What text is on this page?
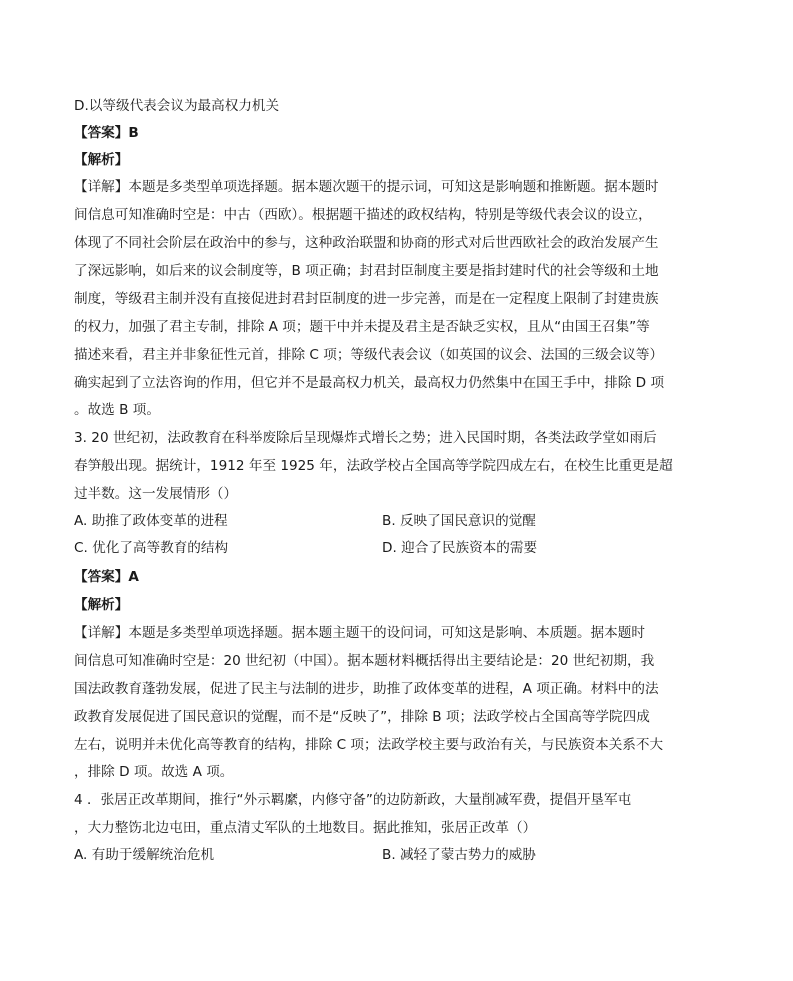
D.以等级代表会议为最高权力机关
【答案】B
【解析】
【详解】本题是多类型单项选择题。据本题次题干的提示词，可知这是影响题和推断题。据本题时
间信息可知准确时空是：中古（西欧）。根据题干描述的政权结构，特别是等级代表会议的设立，
体现了不同社会阶层在政治中的参与，这种政治联盟和协商的形式对后世西欧社会的政治发展产生
了深远影响，如后来的议会制度等，B 项正确；封君封臣制度主要是指封建时代的社会等级和土地
制度，等级君主制并没有直接促进封君封臣制度的进一步完善，而是在一定程度上限制了封建贵族
的权力，加强了君主专制，排除 A 项；题干中并未提及君主是否缺乏实权，且从“由国王召集”等
描述来看，君主并非象征性元首，排除 C 项；等级代表会议（如英国的议会、法国的三级会议等）
确实起到了立法咨询的作用，但它并不是最高权力机关，最高权力仍然集中在国王手中，排除 D 项
。故选 B 项。
3. 20 世纪初，法政教育在科举废除后呈现爆炸式增长之势；进入民国时期，各类法政学堂如雨后
春笋般出现。据统计，1912 年至 1925 年，法政学校占全国高等学院四成左右，在校生比重更是超
过半数。这一发展情形（）
A. 助推了政体变革的进程	B. 反映了国民意识的觉醒
C. 优化了高等教育的结构	D. 迎合了民族资本的需要
【答案】A
【解析】
【详解】本题是多类型单项选择题。据本题主题干的设问词，可知这是影响、本质题。据本题时
间信息可知准确时空是：20 世纪初（中国）。据本题材料概括得出主要结论是：20 世纪初期，我
国法政教育蓬勃发展，促进了民主与法制的进步，助推了政体变革的进程，A 项正确。材料中的法
政教育发展促进了国民意识的觉醒，而不是“反映了”，排除 B 项；法政学校占全国高等学院四成
左右，说明并未优化高等教育的结构，排除 C 项；法政学校主要与政治有关，与民族资本关系不大
，排除 D 项。故选 A 项。
4 ．张居正改革期间，推行“外示羁縻，内修守备”的边防新政，大量削减军费，提倡开垦军屯
，大力整饬北边屯田，重点清丈军队的土地数目。据此推知，张居正改革（）
A. 有助于缓解统治危机	B. 减轻了蒙古势力的威胁
